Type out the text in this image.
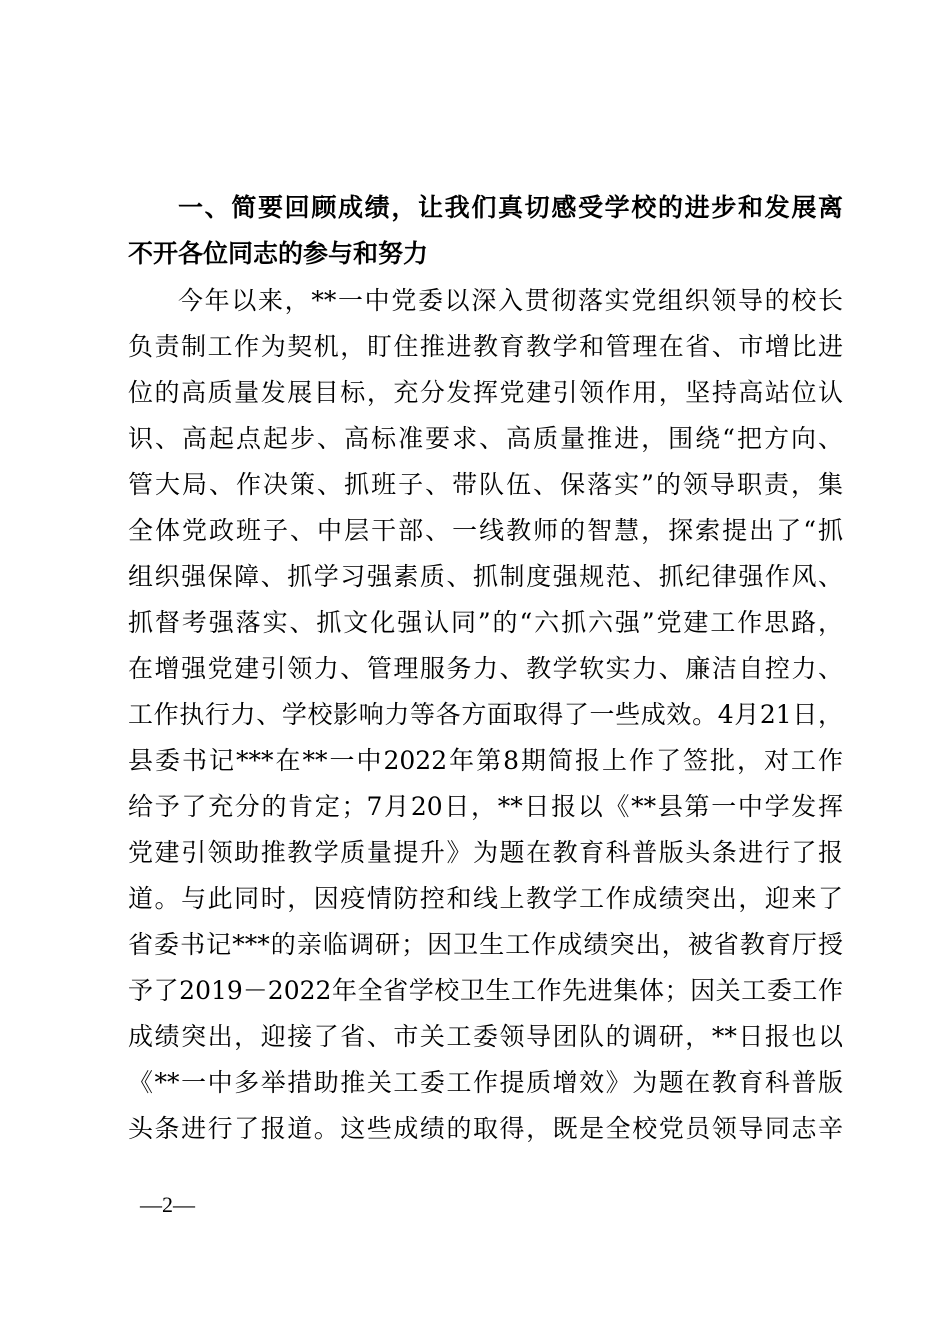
一、简要回顾成绩，让我们真切感受学校的进步和发展离
不开各位同志的参与和努力
今年以来，**一中党委以深入贯彻落实党组织领导的校长
负责制工作为契机，盯住推进教育教学和管理在省、市增比进
位的高质量发展目标，充分发挥党建引领作用，坚持高站位认
识、高起点起步、高标准要求、高质量推进，围绕“把方向、
管大局、作决策、抓班子、带队伍、保落实”的领导职责，集
全体党政班子、中层干部、一线教师的智慧，探索提出了“抓
组织强保障、抓学习强素质、抓制度强规范、抓纪律强作风、
抓督考强落实、抓文化强认同”的“六抓六强”党建工作思路，
在增强党建引领力、管理服务力、教学软实力、廉洁自控力、
工作执行力、学校影响力等各方面取得了一些成效。4月21日，
县委书记***在**一中2022年第8期简报上作了签批，对工作
给予了充分的肯定；7月20日，**日报以《**县第一中学发挥
党建引领助推教学质量提升》为题在教育科普版头条进行了报
道。与此同时，因疫情防控和线上教学工作成绩突出，迎来了
省委书记***的亲临调研；因卫生工作成绩突出，被省教育厅授
予了2019－2022年全省学校卫生工作先进集体；因关工委工作
成绩突出，迎接了省、市关工委领导团队的调研，**日报也以
《**一中多举措助推关工委工作提质增效》为题在教育科普版
头条进行了报道。这些成绩的取得，既是全校党员领导同志辛
—2—
